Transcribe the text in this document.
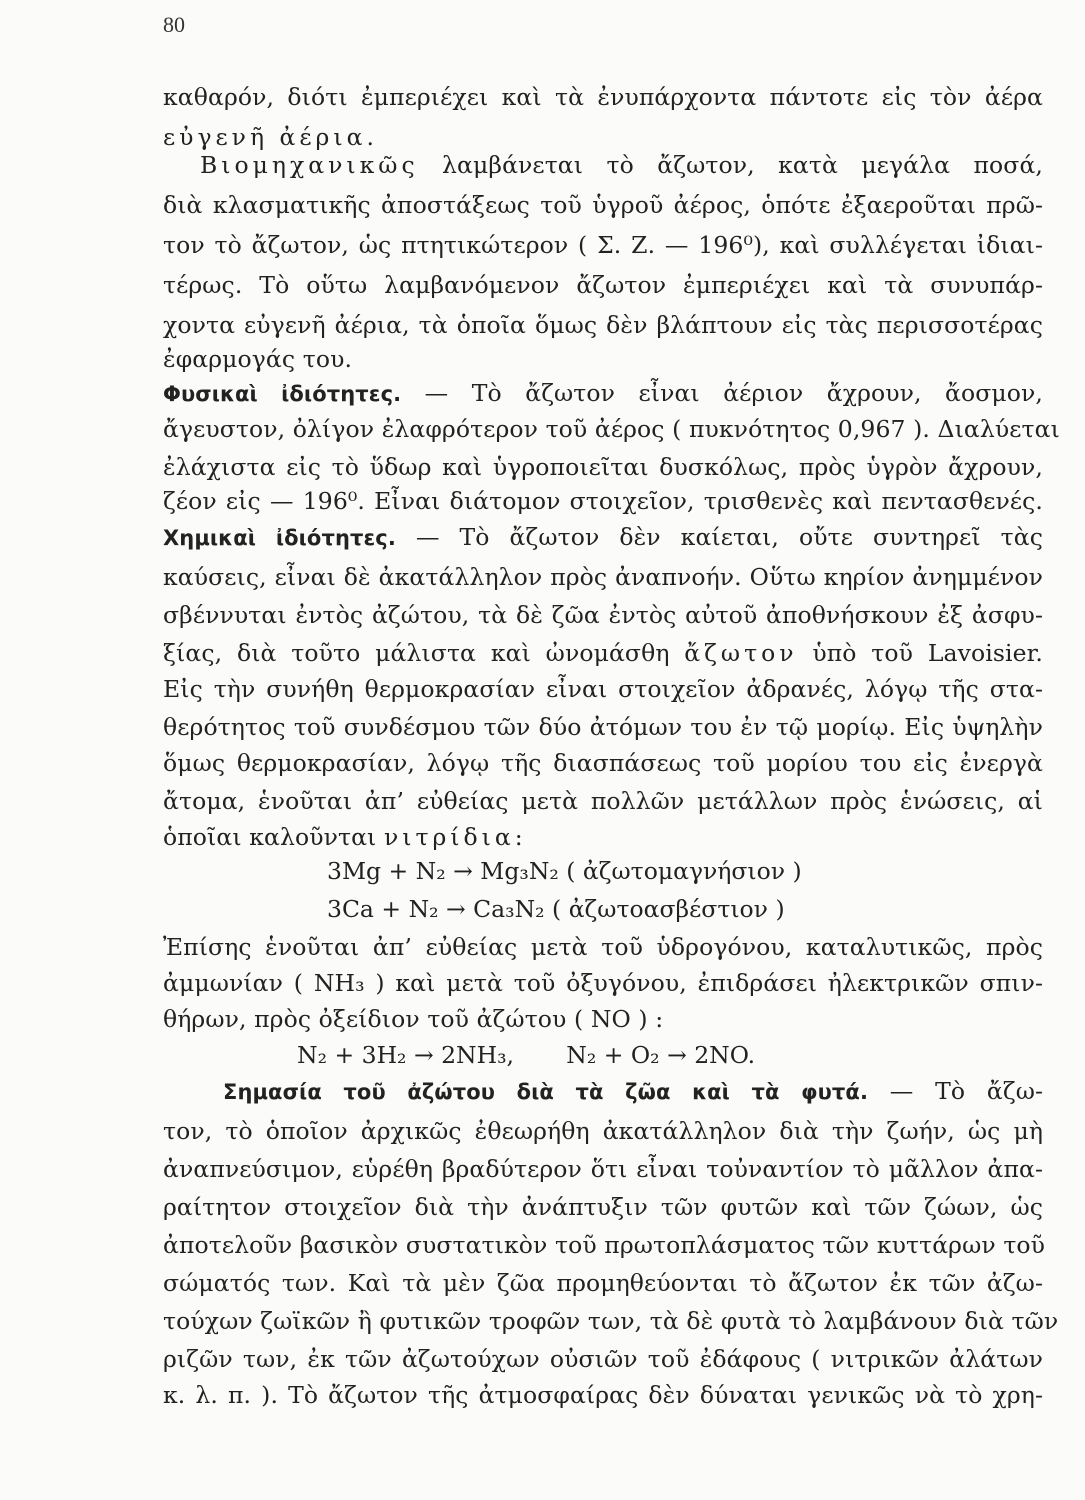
80
καθαρόν, διότι ἐμπεριέχει καὶ τὰ ἐνυπάρχοντα πάντοτε εἰς τὸν ἀέρα
εὐγενῆ ἀέρια.
Βιομηχανικῶς λαμβάνεται τὸ ἄζωτον, κατὰ μεγάλα ποσά,
διὰ κλασματικῆς ἀποστάξεως τοῦ ὑγροῦ ἀέρος, ὁπότε ἐξαεροῦται πρῶ-
τον τὸ ἄζωτον, ὡς πτητικώτερον ( Σ. Ζ. — 196⁰), καὶ συλλέγεται ἰδιαι-
τέρως. Τὸ οὕτω λαμβανόμενον ἄζωτον ἐμπεριέχει καὶ τὰ συνυπάρ-
χοντα εὐγενῆ ἀέρια, τὰ ὁποῖα ὅμως δὲν βλάπτουν εἰς τὰς περισσοτέρας
ἐφαρμογάς του.
Φυσικαὶ ἰδιότητες. — Τὸ ἄζωτον εἶναι ἀέριον ἄχρουν, ἄοσμον,
ἄγευστον, ὀλίγον ἐλαφρότερον τοῦ ἀέρος ( πυκνότητος 0,967 ). Διαλύεται
ἐλάχιστα εἰς τὸ ὕδωρ καὶ ὑγροποιεῖται δυσκόλως, πρὸς ὑγρὸν ἄχρουν,
ζέον εἰς — 196⁰. Εἶναι διάτομον στοιχεῖον, τρισθενὲς καὶ πεντασθενές.
Χημικαὶ ἰδιότητες. — Τὸ ἄζωτον δὲν καίεται, οὔτε συντηρεῖ τὰς
καύσεις, εἶναι δὲ ἀκατάλληλον πρὸς ἀναπνοήν. Οὕτω κηρίον ἀνημμένον
σβέννυται ἐντὸς ἀζώτου, τὰ δὲ ζῶα ἐντὸς αὐτοῦ ἀποθνήσκουν ἐξ ἀσφυ-
ξίας, διὰ τοῦτο μάλιστα καὶ ὠνομάσθη ἄζωτον ὑπὸ τοῦ Lavoisier.
Εἰς τὴν συνήθη θερμοκρασίαν εἶναι στοιχεῖον ἀδρανές, λόγῳ τῆς στα-
θερότητος τοῦ συνδέσμου τῶν δύο ἀτόμων του ἐν τῷ μορίῳ. Εἰς ὑψηλὴν
ὅμως θερμοκρασίαν, λόγῳ τῆς διασπάσεως τοῦ μορίου του εἰς ἐνεργὰ
ἄτομα, ἑνοῦται ἀπ’ εὐθείας μετὰ πολλῶν μετάλλων πρὸς ἑνώσεις, αἱ
ὁποῖαι καλοῦνται νιτρίδια:
3Mg + N₂ → Mg₃N₂ ( ἀζωτομαγνήσιον )
3Ca + N₂ → Ca₃N₂ ( ἀζωτοασβέστιον )
Ἐπίσης ἑνοῦται ἀπ’ εὐθείας μετὰ τοῦ ὑδρογόνου, καταλυτικῶς, πρὸς
ἀμμωνίαν ( NH₃ ) καὶ μετὰ τοῦ ὀξυγόνου, ἐπιδράσει ἠλεκτρικῶν σπιν-
θήρων, πρὸς ὀξείδιον τοῦ ἀζώτου ( NO ) :
N₂ + 3H₂ → 2NH₃,       N₂ + O₂ → 2NO.
Σημασία τοῦ ἀζώτου διὰ τὰ ζῶα καὶ τὰ φυτά. — Τὸ ἄζω-
τον, τὸ ὁποῖον ἀρχικῶς ἐθεωρήθη ἀκατάλληλον διὰ τὴν ζωήν, ὡς μὴ
ἀναπνεύσιμον, εὑρέθη βραδύτερον ὅτι εἶναι τοὐναντίον τὸ μᾶλλον ἀπα-
ραίτητον στοιχεῖον διὰ τὴν ἀνάπτυξιν τῶν φυτῶν καὶ τῶν ζώων, ὡς
ἀποτελοῦν βασικὸν συστατικὸν τοῦ πρωτοπλάσματος τῶν κυττάρων τοῦ
σώματός των. Καὶ τὰ μὲν ζῶα προμηθεύονται τὸ ἄζωτον ἐκ τῶν ἀζω-
τούχων ζωϊκῶν ἢ φυτικῶν τροφῶν των, τὰ δὲ φυτὰ τὸ λαμβάνουν διὰ τῶν
ριζῶν των, ἐκ τῶν ἀζωτούχων οὐσιῶν τοῦ ἐδάφους ( νιτρικῶν ἀλάτων
κ. λ. π. ). Τὸ ἄζωτον τῆς ἀτμοσφαίρας δὲν δύναται γενικῶς νὰ τὸ χρη-
